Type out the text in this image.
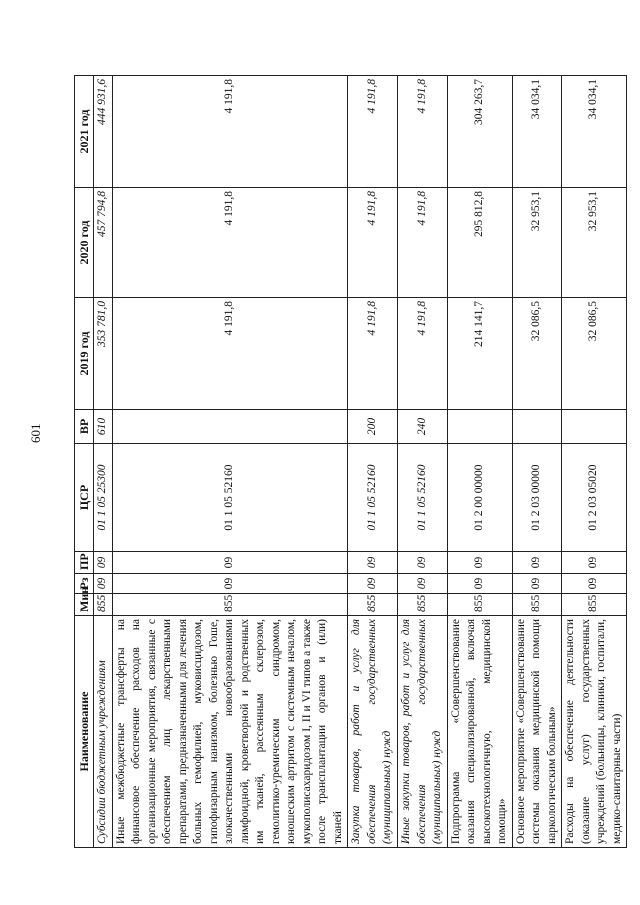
601
Наименование	Мин	Рз	ПР	ЦСР	ВР	2019 год	2020 год	2021 год
Субсидии бюджетным учреждениям	855	09	09	01 1 05 25300	610	353 781,0	457 794,8	444 931,6
Иные межбюджетные трансферты на финансовое обеспечение расходов на организационные мероприятия, связанные с обеспечением лиц лекарственными препаратами, предназначенными для лечения больных гемофилией, муковисцидозом, гипофизарным нанизмом, болезнью Гоше, злокачественными новообразованиями лимфоидной, кроветворной и родственных им тканей, рассеянным склерозом, гемолитико-уремическим синдромом, юношеским артритом с системным началом, мукополисахаридозом I, II и VI типов а также после трансплантации органов и (или) тканей	855	09	09	01 1 05 52160		4 191,8	4 191,8	4 191,8
Закупка товаров, работ и услуг для обеспечения государственных (муниципальных) нужд	855	09	09	01 1 05 52160	200	4 191,8	4 191,8	4 191,8
Иные закупки товаров, работ и услуг для обеспечения государственных (муниципальных) нужд	855	09	09	01 1 05 52160	240	4 191,8	4 191,8	4 191,8
Подпрограмма «Совершенствование оказания специализированной, включая высокотехнологичную, медицинской помощи»	855	09	09	01 2 00 00000		214 141,7	295 812,8	304 263,7
Основное мероприятие «Совершенствование системы оказания медицинской помощи наркологическим больным»	855	09	09	01 2 03 00000		32 086,5	32 953,1	34 034,1
Расходы на обеспечение деятельности (оказание услуг) государственных учреждений (больницы, клиники, госпитали, медико-санитарные части)	855	09	09	01 2 03 05020		32 086,5	32 953,1	34 034,1
